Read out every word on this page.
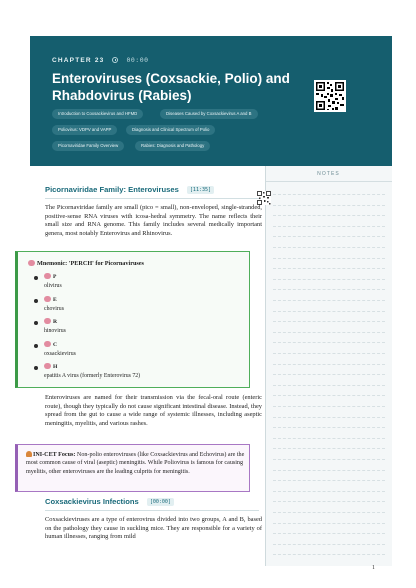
CHAPTER 23	00:00
Enteroviruses (Coxsackie, Polio) and Rhabdovirus (Rabies)
Introduction to Coxsackievirus and HFMD	Diseases Caused by Coxsackievirus A and B
Poliovirus: VDPV and VAPP	Diagnosis and Clinical Spectrum of Polio
Picornaviridae Family Overview	Rabies: Diagnosis and Pathology
NOTES
Picornaviridae Family: Enteroviruses [11:35]
The Picornaviridae family are small (pico = small), non-enveloped, single-stranded, positive-sense RNA viruses with icosa-hedral symmetry. The name reflects their small size and RNA genome. This family includes several medically important genera, most notably Enterovirus and Rhinovirus.
Mnemonic: 'PERCH' for Picornaviruses
P
olivirus
E
chovirus
R
hinovirus
C
oxsackievirus
H
epatitis A virus (formerly Enterovirus 72)
Enteroviruses are named for their transmission via the fecal-oral route (enteric route), though they typically do not cause significant intestinal disease. Instead, they spread from the gut to cause a wide range of systemic illnesses, including aseptic meningitis, myelitis, and various rashes.
INI-CET Focus: Non-polio enteroviruses (like Coxsackievirus and Echovirus) are the most common cause of viral (aseptic) meningitis. While Poliovirus is famous for causing myelitis, other enteroviruses are the leading culprits for meningitis.
Coxsackievirus Infections [00:00]
Coxsackieviruses are a type of enterovirus divided into two groups, A and B, based on the pathology they cause in suckling mice. They are responsible for a variety of human illnesses, ranging from mild
1
